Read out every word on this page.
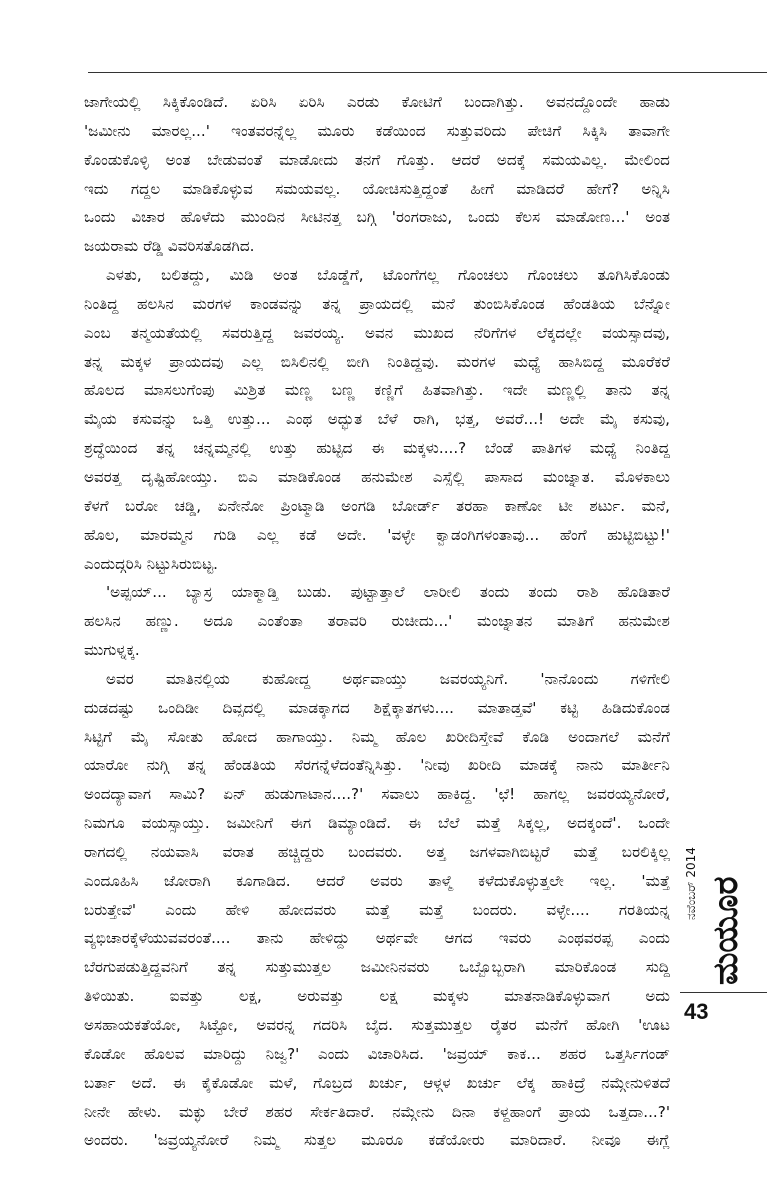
ಜಾಗೇಯಲ್ಲಿ ಸಿಕ್ಕಿಕೊಂಡಿದೆ. ಏರಿಸಿ ಏರಿಸಿ ಎರಡು ಕೋಟಿಗೆ ಬಂದಾಗಿತ್ತು. ಅವನದ್ದೊಂದೇ ಹಾಡು
'ಜಮೀನು ಮಾರಲ್ಲ...' ಇಂತವರನ್ನೆಲ್ಲ ಮೂರು ಕಡೆಯಿಂದ ಸುತ್ತುವರಿದು ಪೇಚಿಗೆ ಸಿಕ್ಕಿಸಿ ತಾವಾಗೇ
ಕೊಂಡುಕೊಳ್ಳಿ ಅಂತ ಬೇಡುವಂತೆ ಮಾಡೋದು ತನಗೆ ಗೊತ್ತು. ಆದರೆ ಅದಕ್ಕೆ ಸಮಯವಿಲ್ಲ. ಮೇಲಿಂದ
ಇದು ಗದ್ದಲ ಮಾಡಿಕೊಳ್ಳುವ ಸಮಯವಲ್ಲ. ಯೋಚಿಸುತ್ತಿದ್ದಂತೆ ಹೀಗೆ ಮಾಡಿದರೆ ಹೇಗೆ? ಅನ್ನಿಸಿ
ಒಂದು ವಿಚಾರ ಹೊಳೆದು ಮುಂದಿನ ಸೀಟಿನತ್ತ ಬಗ್ಗಿ 'ರಂಗರಾಜು, ಒಂದು ಕೆಲಸ ಮಾಡೋಣ...' ಅಂತ
ಜಯರಾಮ ರೆಡ್ಡಿ ವಿವರಿಸತೊಡಗಿದ.
ಎಳತು, ಬಲಿತದ್ದು, ಮಿಡಿ ಅಂತ ಬೊಡ್ಡೆಗೆ, ಟೊಂಗೆಗಲ್ಲ ಗೊಂಚಲು ಗೊಂಚಲು ತೂಗಿಸಿಕೊಂಡು
ನಿಂತಿದ್ದ ಹಲಸಿನ ಮರಗಳ ಕಾಂಡವನ್ನು ತನ್ನ ಪ್ರಾಯದಲ್ಲಿ ಮನೆ ತುಂಬಿಸಿಕೊಂಡ ಹೆಂಡತಿಯ ಬೆನ್ನೋ
ಎಂಬ ತನ್ಮಯತೆಯಲ್ಲಿ ಸವರುತ್ತಿದ್ದ ಜವರಯ್ಯ. ಅವನ ಮುಖದ ನೆರಿಗೆಗಳ ಲೆಕ್ಕದಲ್ಲೇ ವಯಸ್ಸಾದವು,
ತನ್ನ ಮಕ್ಕಳ ಪ್ರಾಯದವು ಎಲ್ಲ ಬಿಸಿಲಿನಲ್ಲಿ ಬೀಗಿ ನಿಂತಿದ್ದವು. ಮರಗಳ ಮಧ್ಯೆ ಹಾಸಿಬಿದ್ದ ಮೂರೆಕರೆ
ಹೊಲದ ಮಾಸಲುಗೆಂಪು ಮಿಶ್ರಿತ ಮಣ್ಣ ಬಣ್ಣ ಕಣ್ಣಿಗೆ ಹಿತವಾಗಿತ್ತು. ಇದೇ ಮಣ್ಣಲ್ಲಿ ತಾನು ತನ್ನ
ಮೈಯ ಕಸುವನ್ನು ಒತ್ತಿ ಉತ್ತು... ಎಂಥ ಅದ್ಭುತ ಬೆಳೆ ರಾಗಿ, ಭತ್ತ, ಅವರೆ...! ಅದೇ ಮೈ ಕಸುವು,
ಶ್ರದ್ಧೆಯಿಂದ ತನ್ನ ಚನ್ನಮ್ಮನಲ್ಲಿ ಉತ್ತು ಹುಟ್ಟಿದ ಈ ಮಕ್ಕಳು....? ಬೆಂಡೆ ಪಾತಿಗಳ ಮಧ್ಯೆ ನಿಂತಿದ್ದ
ಅವರತ್ತ ದೃಷ್ಟಿಹೋಯ್ತು. ಬಿಎ ಮಾಡಿಕೊಂಡ ಹನುಮೇಶ ಎಸ್ಸೆಲ್ಲಿ ಪಾಸಾದ ಮಂಜ್ನಾತ. ಮೊಳಕಾಲು
ಕೆಳಗೆ ಬರೋ ಚಡ್ಡಿ, ಏನೇನೋ ಪ್ರಿಂಟ್ಮಾಡಿ ಅಂಗಡಿ ಬೋರ್ಡ್ ತರಹಾ ಕಾಣೋ ಟೀ ಶರ್ಟು. ಮನೆ,
ಹೊಲ, ಮಾರಮ್ಮನ ಗುಡಿ ಎಲ್ಲ ಕಡೆ ಅದೇ. 'ವಳ್ಳೇ ಕ್ವಾಡಂಗಿಗಳಂತಾವು... ಹೆಂಗೆ ಹುಟ್ಟಿಬಿಟ್ಟು!'
ಎಂದುದ್ಗರಿಸಿ ನಿಟ್ಟುಸಿರುಬಿಟ್ಟ.
'ಅಪ್ಪಯ್... ಬ್ಯಾಸ್ರ ಯಾಕ್ಮಾಡ್ತಿ ಬುಡು. ಪುಟ್ಟಾತ್ತಾಲೆ ಲಾರೀಲಿ ತಂದು ತಂದು ರಾಶಿ ಹೊಡಿತಾರೆ
ಹಲಸಿನ ಹಣ್ಣು. ಅದೂ ಎಂತೆಂತಾ ತರಾವರಿ ರುಚೀದು...' ಮಂಜ್ನಾತನ ಮಾತಿಗೆ ಹನುಮೇಶ
ಮುಗುಳ್ನಕ್ಕ.
ಅವರ ಮಾತಿನಲ್ಲಿಯ ಕುಹೋದ್ದ ಅರ್ಥವಾಯ್ತು ಜವರಯ್ಯನಿಗೆ. 'ನಾನೊಂದು ಗಳಿಗೇಲಿ
ದುಡದಷ್ಟು ಒಂದಿಡೀ ದಿವ್ಸದಲ್ಲಿ ಮಾಡಕ್ಕಾಗದ ಶಿಕ್ಷೆಕ್ಕಾತಗಳು.... ಮಾತಾಡ್ತವೆ' ಕಟ್ಟಿ ಹಿಡಿದುಕೊಂಡ
ಸಿಟ್ಟಿಗೆ ಮೈ ಸೋತು ಹೋದ ಹಾಗಾಯ್ತು. ನಿಮ್ಮ ಹೊಲ ಖರೀದಿಸ್ತೇವೆ ಕೊಡಿ ಅಂದಾಗಲೆ ಮನೆಗೆ
ಯಾರೋ ನುಗ್ಗಿ ತನ್ನ ಹೆಂಡತಿಯ ಸೆರಗನ್ನೆಳೆದಂತೆನ್ನಿಸಿತ್ತು. 'ನೀವು ಖರೀದಿ ಮಾಡಕ್ಕೆ ನಾನು ಮಾರ್ತೀನಿ
ಅಂದದ್ಯಾವಾಗ ಸಾಮಿ? ಏನ್ ಹುಡುಗಾಟಾನ....?' ಸವಾಲು ಹಾಕಿದ್ದ. 'ಛೆ! ಹಾಗಲ್ಲ ಜವರಯ್ಯನೋರೆ,
ನಿಮಗೂ ವಯಸ್ಸಾಯ್ತು. ಜಮೀನಿಗೆ ಈಗ ಡಿಮ್ಯಾಂಡಿದೆ. ಈ ಬೆಲೆ ಮತ್ತೆ ಸಿಕ್ಕಲ್ಲ, ಅದಕ್ಕಂದೆ'. ಒಂದೇ
ರಾಗದಲ್ಲಿ ನಯವಾಸಿ ವರಾತ ಹಚ್ಚಿದ್ದರು ಬಂದವರು. ಅತ್ತ ಜಗಳವಾಗಿಬಿಟ್ಟರೆ ಮತ್ತೆ ಬರಲಿಕ್ಕಿಲ್ಲ
ಎಂದೂಹಿಸಿ ಜೋರಾಗಿ ಕೂಗಾಡಿದ. ಆದರೆ ಅವರು ತಾಳ್ಮೆ ಕಳೆದುಕೊಳ್ಳುತ್ತಲೇ ಇಲ್ಲ. 'ಮತ್ತೆ
ಬರುತ್ತೇವೆ' ಎಂದು ಹೇಳಿ ಹೋದವರು ಮತ್ತೆ ಮತ್ತೆ ಬಂದರು. ವಳ್ಳೇ.... ಗರತಿಯನ್ನ
ವ್ಯಭಿಚಾರಕ್ಕೆಳೆಯುವವರಂತೆ.... ತಾನು ಹೇಳಿದ್ದು ಅರ್ಥವೇ ಆಗದ ಇವರು ಎಂಥವರಪ್ಪ ಎಂದು
ಬೆರಗುಪಡುತ್ತಿದ್ದವನಿಗೆ ತನ್ನ ಸುತ್ತುಮುತ್ತಲ ಜಮೀನಿನವರು ಒಬ್ಬೊಬ್ಬರಾಗಿ ಮಾರಿಕೊಂಡ ಸುದ್ದಿ
ತಿಳಿಯಿತು. ಐವತ್ತು ಲಕ್ಷ, ಅರುವತ್ತು ಲಕ್ಷ ಮಕ್ಕಳು ಮಾತನಾಡಿಕೊಳ್ಳುವಾಗ ಅದು
ಅಸಹಾಯಕತೆಯೋ, ಸಿಟ್ಟೋ, ಅವರನ್ನ ಗದರಿಸಿ ಬೈದ. ಸುತ್ತಮುತ್ತಲ ರೈತರ ಮನೆಗೆ ಹೋಗಿ 'ಊಟ
ಕೊಡೋ ಹೊಲವ ಮಾರಿದ್ದು ನಿಜ್ವ?' ಎಂದು ವಿಚಾರಿಸಿದ. 'ಜವ್ರಯ್ ಕಾಕ... ಶಹರ ಒತ್ತರ್ಸಿಗಂಡ್
ಬರ್ತಾ ಅದೆ. ಈ ಕೈಕೊಡೋ ಮಳೆ, ಗೊಬ್ರದ ಖರ್ಚು, ಆಳ್ಗಳ ಖರ್ಚು ಲೆಕ್ಕ ಹಾಕಿದ್ರೆ ನಮ್ಗೇನುಳಿತದೆ
ನೀನೇ ಹೇಳು. ಮಕ್ಳು ಬೇರೆ ಶಹರ ಸೇರ್ಕತಿದಾರೆ. ನಮ್ಗೇನು ದಿನಾ ಕಳ್ದಹಾಂಗೆ ಪ್ರಾಯ ಒತ್ತದಾ...?'
ಅಂದರು. 'ಜವ್ರಯ್ಯನೋರೆ ನಿಮ್ಮ ಸುತ್ತಲ ಮೂರೂ ಕಡೆಯೋರು ಮಾರಿದಾರೆ. ನೀವೂ ಈಗ್ಲೆ
ಮಯೂರ
ನವೆಂಬರ್ 2014
43
